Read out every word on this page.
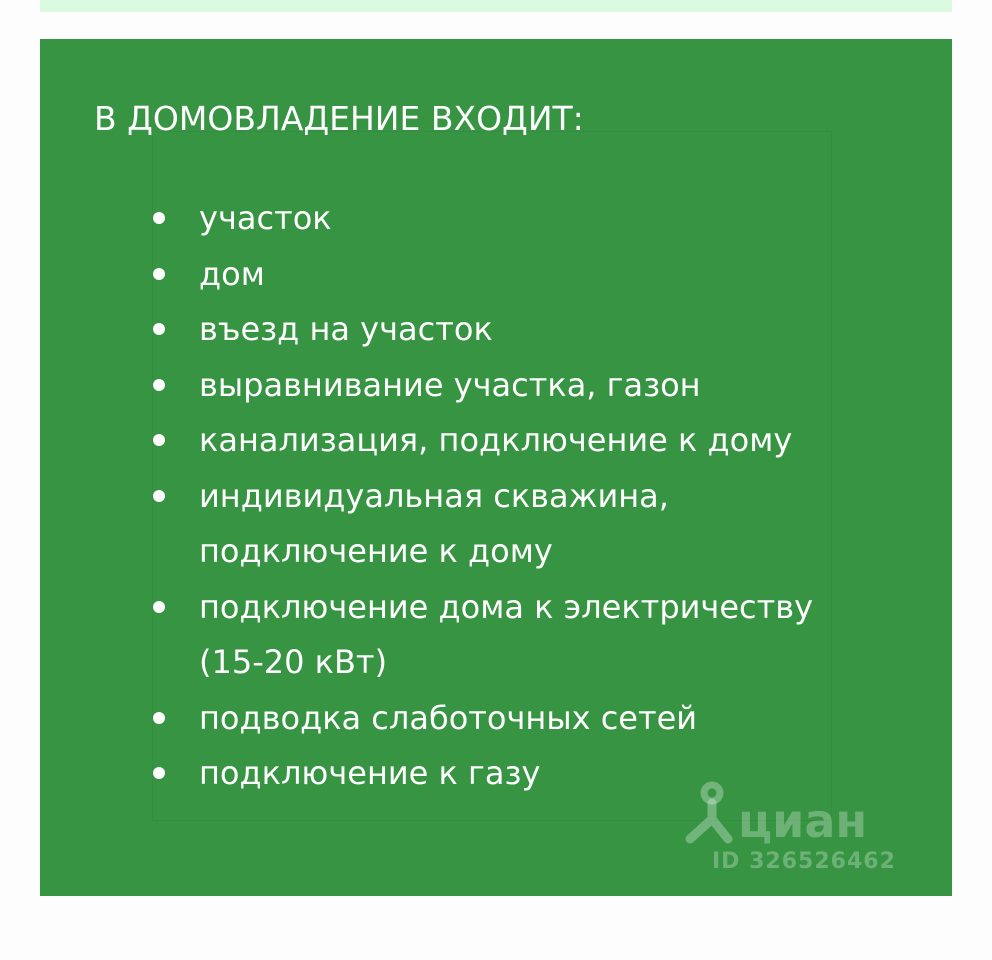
В ДОМОВЛАДЕНИЕ ВХОДИТ:
участок
дом
въезд на участок
выравнивание участка, газон
канализация, подключение к дому
индивидуальная скважина,
подключение к дому
подключение дома к электричеству
(15-20 кВт)
подводка слаботочных сетей
подключение к газу
циан
ID 326526462
